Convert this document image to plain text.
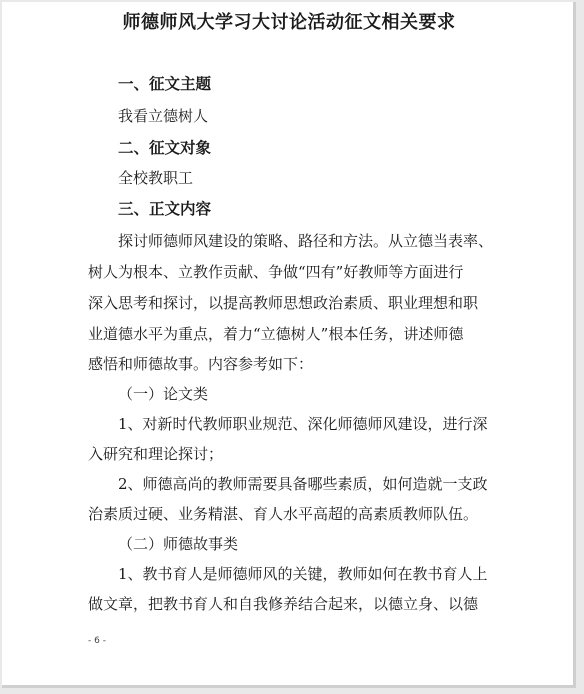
师德师风大学习大讨论活动征文相关要求
一、征文主题
我看立德树人
二、征文对象
全校教职工
三、正文内容
探讨师德师风建设的策略、路径和方法。从立德当表率、
树人为根本、立教作贡献、争做“四有”好教师等方面进行
深入思考和探讨，以提高教师思想政治素质、职业理想和职
业道德水平为重点，着力“立德树人”根本任务，讲述师德
感悟和师德故事。内容参考如下：
（一）论文类
1、对新时代教师职业规范、深化师德师风建设，进行深
入研究和理论探讨；
2、师德高尚的教师需要具备哪些素质，如何造就一支政
治素质过硬、业务精湛、育人水平高超的高素质教师队伍。
（二）师德故事类
1、教书育人是师德师风的关键，教师如何在教书育人上
做文章，把教书育人和自我修养结合起来，以德立身、以德
- 6 -
